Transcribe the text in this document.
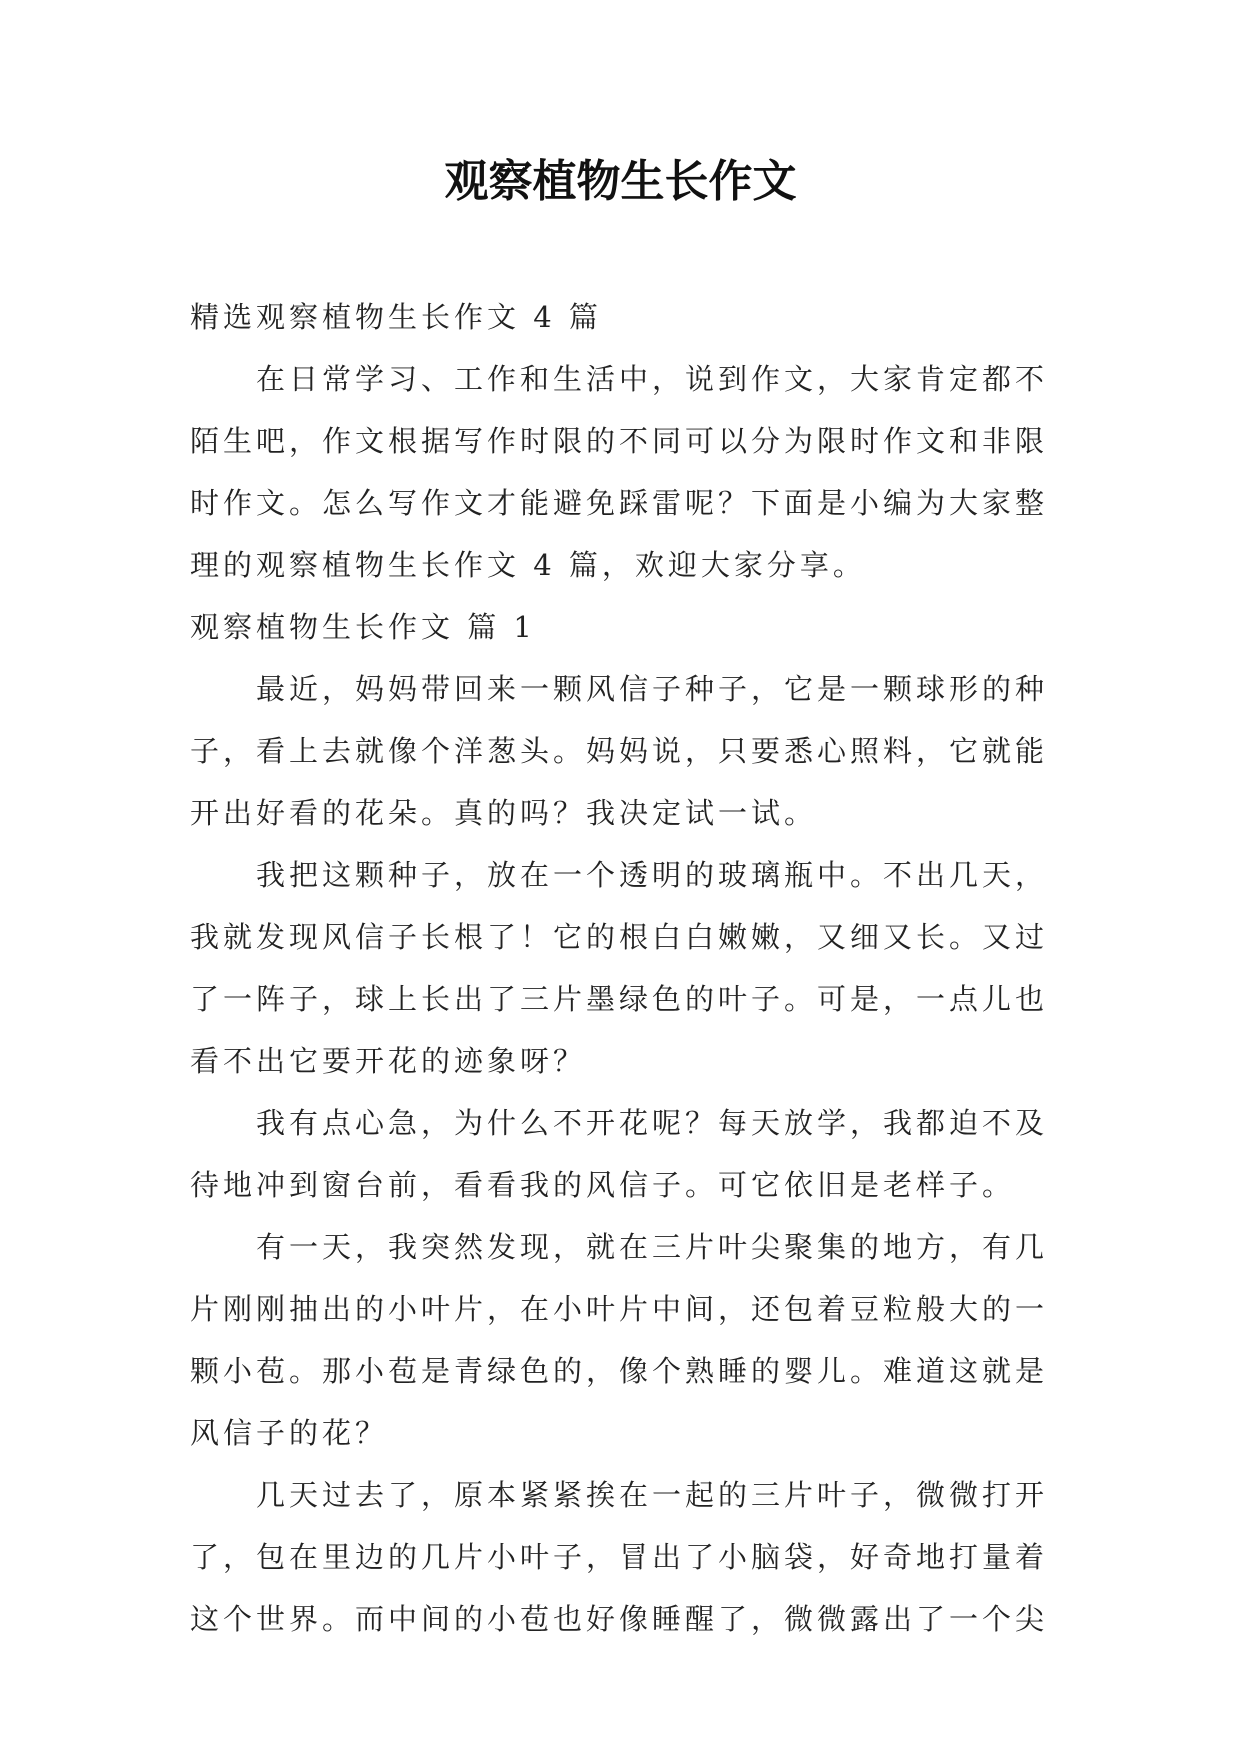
观察植物生长作文

精选观察植物生长作文 4 篇

在日常学习、工作和生活中，说到作文，大家肯定都不陌生吧，作文根据写作时限的不同可以分为限时作文和非限时作文。怎么写作文才能避免踩雷呢？下面是小编为大家整理的观察植物生长作文 4 篇，欢迎大家分享。

观察植物生长作文 篇 1

最近，妈妈带回来一颗风信子种子，它是一颗球形的种子，看上去就像个洋葱头。妈妈说，只要悉心照料，它就能开出好看的花朵。真的吗？我决定试一试。

我把这颗种子，放在一个透明的玻璃瓶中。不出几天，我就发现风信子长根了！它的根白白嫩嫩，又细又长。又过了一阵子，球上长出了三片墨绿色的叶子。可是，一点儿也看不出它要开花的迹象呀？

我有点心急，为什么不开花呢？每天放学，我都迫不及待地冲到窗台前，看看我的风信子。可它依旧是老样子。

有一天，我突然发现，就在三片叶尖聚集的地方，有几片刚刚抽出的小叶片，在小叶片中间，还包着豆粒般大的一颗小苞。那小苞是青绿色的，像个熟睡的婴儿。难道这就是风信子的花？

几天过去了，原本紧紧挨在一起的三片叶子，微微打开了，包在里边的几片小叶子，冒出了小脑袋，好奇地打量着这个世界。而中间的小苞也好像睡醒了，微微露出了一个尖
